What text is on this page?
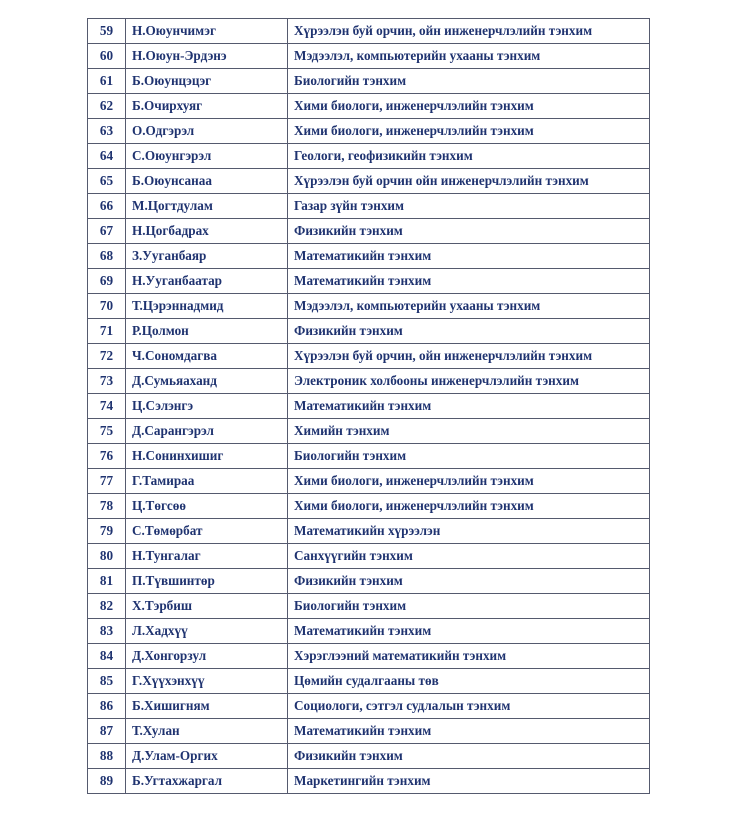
59	Н.Оюунчимэг	Хүрээлэн буй орчин, ойн инженерчлэлийн тэнхим
60	Н.Оюун-Эрдэнэ	Мэдээлэл, компьютерийн ухааны тэнхим
61	Б.Оюунцэцэг	Биологийн тэнхим
62	Б.Очирхуяг	Хими биологи, инженерчлэлийн тэнхим
63	О.Одгэрэл	Хими биологи, инженерчлэлийн тэнхим
64	С.Оюунгэрэл	Геологи, геофизикийн тэнхим
65	Б.Оюунсанаа	Хүрээлэн буй орчин ойн инженерчлэлийн тэнхим
66	М.Цогтдулам	Газар зүйн тэнхим
67	Н.Цогбадрах	Физикийн тэнхим
68	З.Ууганбаяр	Математикийн тэнхим
69	Н.Ууганбаатар	Математикийн тэнхим
70	Т.Цэрэннадмид	Мэдээлэл, компьютерийн ухааны тэнхим
71	Р.Цолмон	Физикийн тэнхим
72	Ч.Сономдагва	Хүрээлэн буй орчин, ойн инженерчлэлийн тэнхим
73	Д.Сумьяаханд	Электроник холбооны инженерчлэлийн тэнхим
74	Ц.Сэлэнгэ	Математикийн тэнхим
75	Д.Сарангэрэл	Химийн тэнхим
76	Н.Сонинхишиг	Биологийн тэнхим
77	Г.Тамираа	Хими биологи, инженерчлэлийн тэнхим
78	Ц.Төгсөө	Хими биологи, инженерчлэлийн тэнхим
79	С.Төмөрбат	Математикийн хүрээлэн
80	Н.Тунгалаг	Санхүүгийн тэнхим
81	П.Түвшинтөр	Физикийн тэнхим
82	Х.Тэрбиш	Биологийн тэнхим
83	Л.Хадхүү	Математикийн тэнхим
84	Д.Хонгорзул	Хэрэглээний математикийн тэнхим
85	Г.Хүүхэнхүү	Цөмийн судалгааны төв
86	Б.Хишигням	Социологи, сэтгэл судлалын тэнхим
87	Т.Хулан	Математикийн тэнхим
88	Д.Улам-Оргих	Физикийн тэнхим
89	Б.Угтахжаргал	Маркетингийн тэнхим
